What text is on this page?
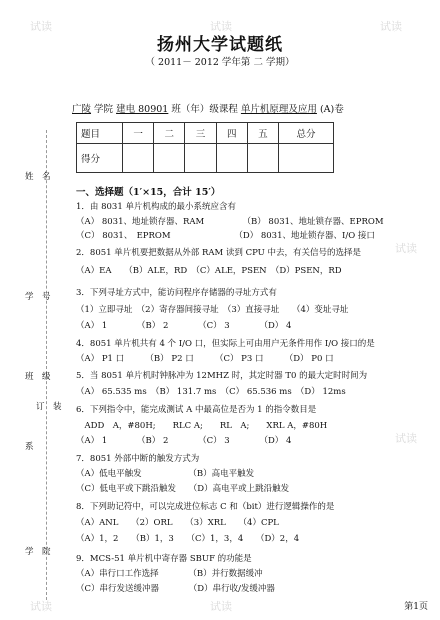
试读	试读	试读
试读
试读
试读
试读
扬州大学试题纸
（ 2011－ 2012 学年第 二 学期）
广陵 学院 建电 80901 班（年）级课程 单片机原理及应用 (A)卷
题目	一	二	三	四	五	总分
得分						
姓　名
学　号
班　级
系
学　院
订　装
一、选择题（1′×15，合计 15′）
1．由 8031 单片机构成的最小系统应含有
（A） 8031、地址锁存器、RAM　　　　　（B） 8031、地址锁存器、EPROM
（C） 8031、　EPROM　　　　　　　　（D） 8031、地址锁存器、I/O 接口
2．8051 单片机要把数据从外部 RAM 读到 CPU 中去，有关信号的选择是
（A）EA　　（B）ALE，RD　（C）ALE，PSEN　（D）PSEN，RD
3．下列寻址方式中，能访问程序存储器的寻址方式有
（1）立即寻址　（2）寄存器间接寻址　（3）直接寻址　　（4）变址寻址
（A） 1　　　　（B） 2　　　　（C） 3　　　　（D） 4
4．8051 单片机共有 4 个 I/O 口，但实际上可由用户无条件用作 I/O 接口的是
（A） P1 口　　　（B） P2 口　　　（C） P3 口　　　（D） P0 口
5．当 8051 单片机时钟脉冲为 12MHZ 时，其定时器 T0 的最大定时时间为
（A） 65.535 ms　（B） 131.7 ms　（C） 65.536 ms　（D） 12ms
6．下列指令中，能完成测试 A 中最高位是否为 1 的指令数目是
　ADD　A，#80H;　　RLC A;　　RL　A;　　XRL A，#80H
（A） 1　　　　（B） 2　　　　（C） 3　　　　（D） 4
7．8051 外部中断的触发方式为
（A）低电平触发　　　　　　（B）高电平触发
（C）低电平或下跳沿触发　　（D）高电平或上跳沿触发
8．下列助记符中，可以完成进位标志 C 和（bit）进行逻辑操作的是
（A）ANL　　（2）ORL　　（3）XRL　　（4）CPL
（A）1，2　　（B）1，3　　（C）1，3，4　　（D）2，4
9．MCS-51 单片机中寄存器 SBUF 的功能是
（A）串行口工作选择　　　　（B）并行数据缓冲
（C）串行发送缓冲器　　　　（D）串行收/发缓冲器
第1页
